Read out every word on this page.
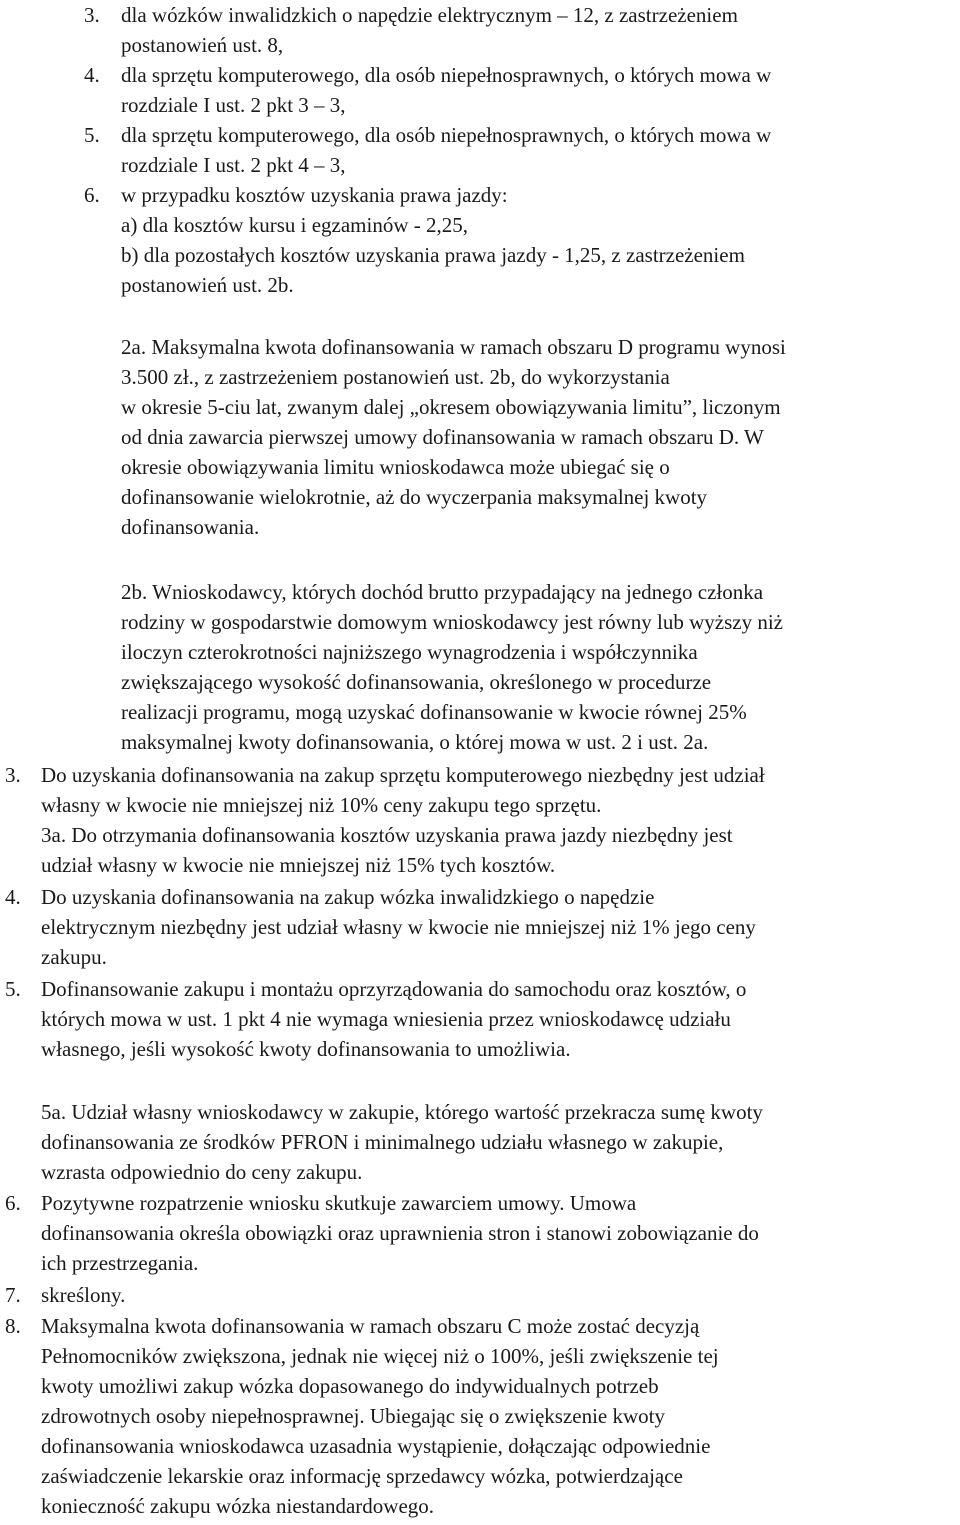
3. dla wózków inwalidzkich o napędzie elektrycznym – 12, z zastrzeżeniem
postanowień ust. 8,
4. dla sprzętu komputerowego, dla osób niepełnosprawnych, o których mowa w
rozdziale I ust. 2 pkt 3 – 3,
5. dla sprzętu komputerowego, dla osób niepełnosprawnych, o których mowa w
rozdziale I ust. 2 pkt 4 – 3,
6. w przypadku kosztów uzyskania prawa jazdy:
a) dla kosztów kursu i egzaminów - 2,25,
b) dla pozostałych kosztów uzyskania prawa jazdy - 1,25, z zastrzeżeniem
postanowień ust. 2b.
2a. Maksymalna kwota dofinansowania w ramach obszaru D programu wynosi
3.500 zł., z zastrzeżeniem postanowień ust. 2b, do wykorzystania
w okresie 5-ciu lat, zwanym dalej „okresem obowiązywania limitu”, liczonym
od dnia zawarcia pierwszej umowy dofinansowania w ramach obszaru D. W
okresie obowiązywania limitu wnioskodawca może ubiegać się o
dofinansowanie wielokrotnie, aż do wyczerpania maksymalnej kwoty
dofinansowania.
2b. Wnioskodawcy, których dochód brutto przypadający na jednego członka
rodziny w gospodarstwie domowym wnioskodawcy jest równy lub wyższy niż
iloczyn czterokrotności najniższego wynagrodzenia i współczynnika
zwiększającego wysokość dofinansowania, określonego w procedurze
realizacji programu, mogą uzyskać dofinansowanie w kwocie równej 25%
maksymalnej kwoty dofinansowania, o której mowa w ust. 2 i ust. 2a.
3. Do uzyskania dofinansowania na zakup sprzętu komputerowego niezbędny jest udział
własny w kwocie nie mniejszej niż 10% ceny zakupu tego sprzętu.
3a. Do otrzymania dofinansowania kosztów uzyskania prawa jazdy niezbędny jest
udział własny w kwocie nie mniejszej niż 15% tych kosztów.
4. Do uzyskania dofinansowania na zakup wózka inwalidzkiego o napędzie
elektrycznym niezbędny jest udział własny w kwocie nie mniejszej niż 1% jego ceny
zakupu.
5. Dofinansowanie zakupu i montażu oprzyrządowania do samochodu oraz kosztów, o
których mowa w ust. 1 pkt 4 nie wymaga wniesienia przez wnioskodawcę udziału
własnego, jeśli wysokość kwoty dofinansowania to umożliwia.
5a. Udział własny wnioskodawcy w zakupie, którego wartość przekracza sumę kwoty
dofinansowania ze środków PFRON i minimalnego udziału własnego w zakupie,
wzrasta odpowiednio do ceny zakupu.
6. Pozytywne rozpatrzenie wniosku skutkuje zawarciem umowy. Umowa
dofinansowania określa obowiązki oraz uprawnienia stron i stanowi zobowiązanie do
ich przestrzegania.
7. skreślony.
8. Maksymalna kwota dofinansowania w ramach obszaru C może zostać decyzją
Pełnomocników zwiększona, jednak nie więcej niż o 100%, jeśli zwiększenie tej
kwoty umożliwi zakup wózka dopasowanego do indywidualnych potrzeb
zdrowotnych osoby niepełnosprawnej. Ubiegając się o zwiększenie kwoty
dofinansowania wnioskodawca uzasadnia wystąpienie, dołączając odpowiednie
zaświadczenie lekarskie oraz informację sprzedawcy wózka, potwierdzające
konieczność zakupu wózka niestandardowego.
